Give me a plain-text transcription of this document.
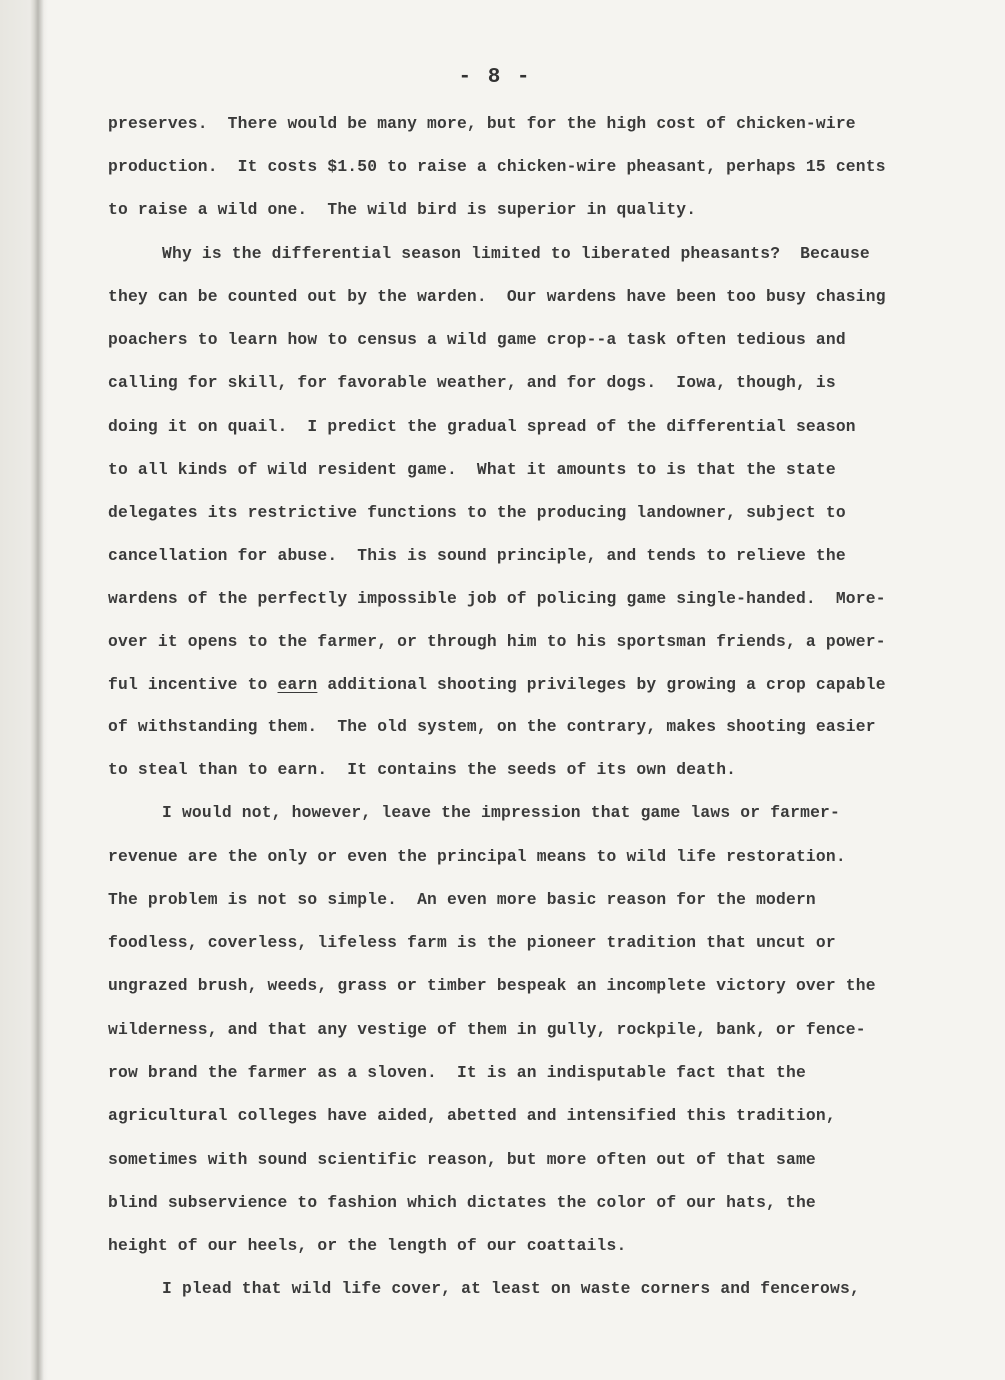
- 8 -
preserves.  There would be many more, but for the high cost of chicken-wire
production.  It costs $1.50 to raise a chicken-wire pheasant, perhaps 15 cents
to raise a wild one.  The wild bird is superior in quality.
Why is the differential season limited to liberated pheasants?  Because
they can be counted out by the warden.  Our wardens have been too busy chasing
poachers to learn how to census a wild game crop--a task often tedious and
calling for skill, for favorable weather, and for dogs.  Iowa, though, is
doing it on quail.  I predict the gradual spread of the differential season
to all kinds of wild resident game.  What it amounts to is that the state
delegates its restrictive functions to the producing landowner, subject to
cancellation for abuse.  This is sound principle, and tends to relieve the
wardens of the perfectly impossible job of policing game single-handed.  More-
over it opens to the farmer, or through him to his sportsman friends, a power-
ful incentive to earn additional shooting privileges by growing a crop capable
of withstanding them.  The old system, on the contrary, makes shooting easier
to steal than to earn.  It contains the seeds of its own death.
I would not, however, leave the impression that game laws or farmer-
revenue are the only or even the principal means to wild life restoration.
The problem is not so simple.  An even more basic reason for the modern
foodless, coverless, lifeless farm is the pioneer tradition that uncut or
ungrazed brush, weeds, grass or timber bespeak an incomplete victory over the
wilderness, and that any vestige of them in gully, rockpile, bank, or fence-
row brand the farmer as a sloven.  It is an indisputable fact that the
agricultural colleges have aided, abetted and intensified this tradition,
sometimes with sound scientific reason, but more often out of that same
blind subservience to fashion which dictates the color of our hats, the
height of our heels, or the length of our coattails.
I plead that wild life cover, at least on waste corners and fencerows,
